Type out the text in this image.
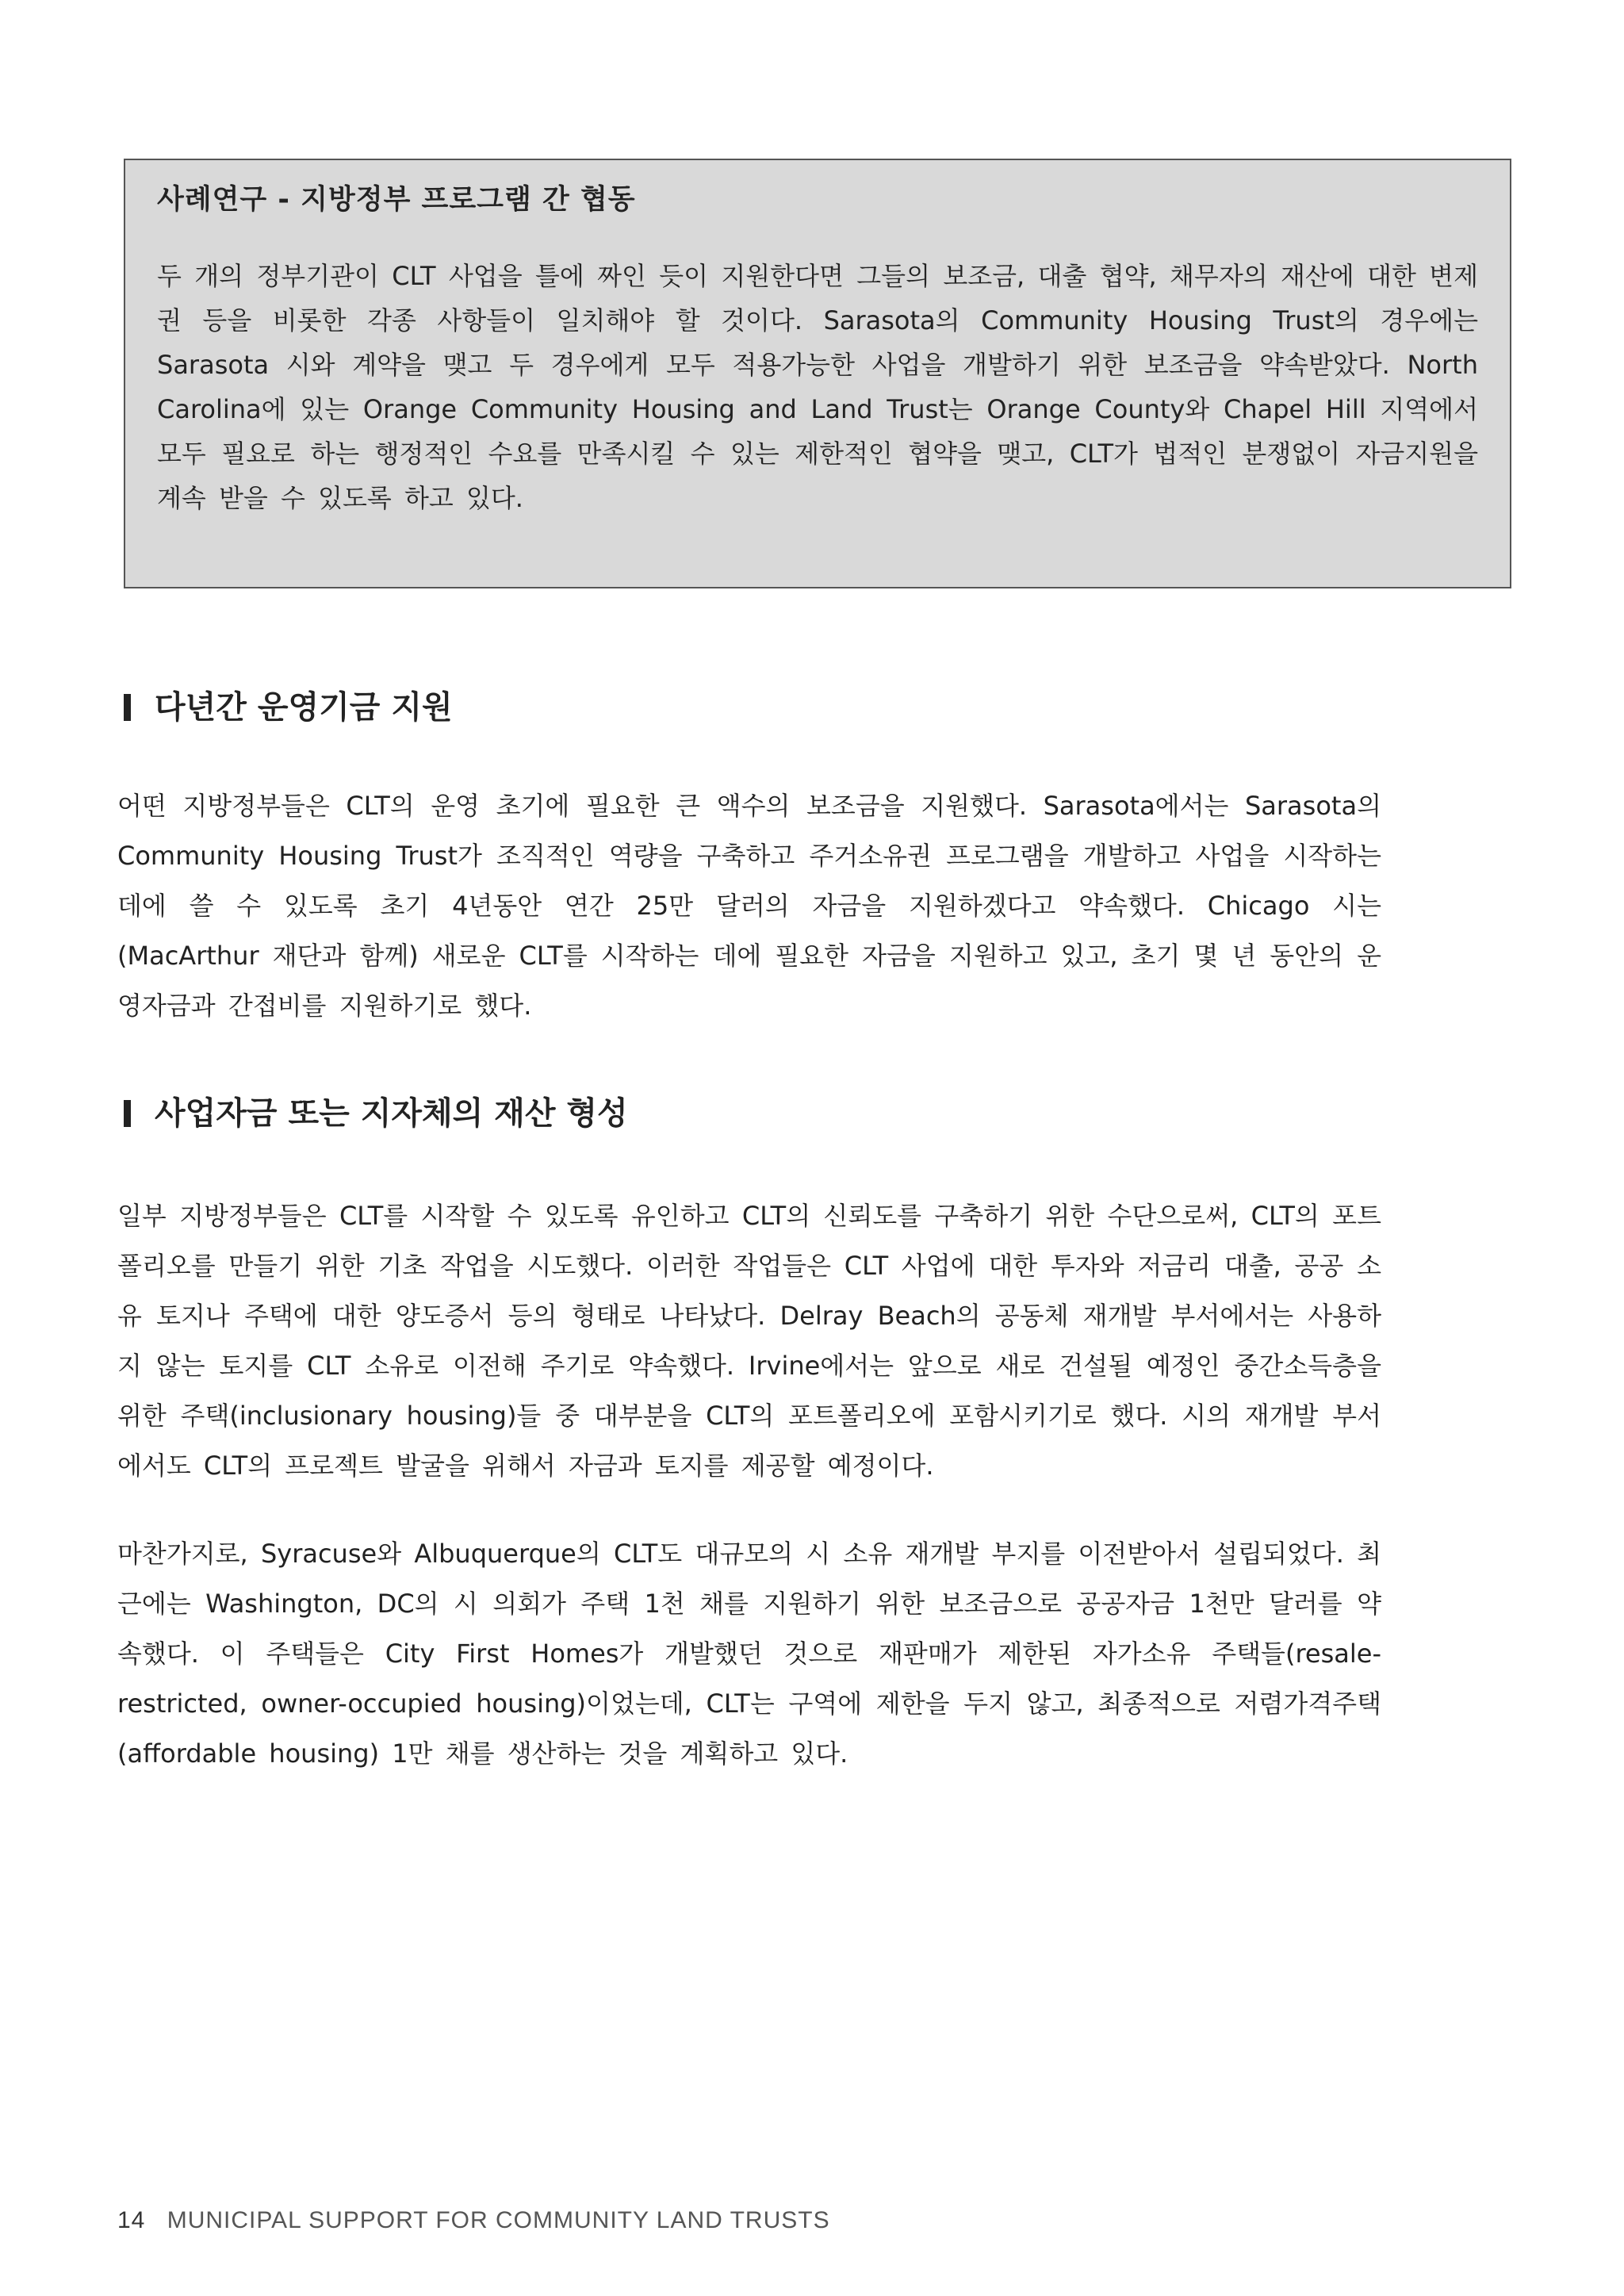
사례연구 - 지방정부 프로그램 간 협동

두 개의 정부기관이 CLT 사업을 틀에 짜인 듯이 지원한다면 그들의 보조금, 대출 협약, 채무자의 재산에 대한 변제권 등을 비롯한 각종 사항들이 일치해야 할 것이다. Sarasota의 Community Housing Trust의 경우에는 Sarasota 시와 계약을 맺고 두 경우에게 모두 적용가능한 사업을 개발하기 위한 보조금을 약속받았다. North Carolina에 있는 Orange Community Housing and Land Trust는 Orange County와 Chapel Hill 지역에서 모두 필요로 하는 행정적인 수요를 만족시킬 수 있는 제한적인 협약을 맺고, CLT가 법적인 분쟁없이 자금지원을 계속 받을 수 있도록 하고 있다.

다년간 운영기금 지원

어떤 지방정부들은 CLT의 운영 초기에 필요한 큰 액수의 보조금을 지원했다. Sarasota에서는 Sarasota의 Community Housing Trust가 조직적인 역량을 구축하고 주거소유권 프로그램을 개발하고 사업을 시작하는 데에 쓸 수 있도록 초기 4년동안 연간 25만 달러의 자금을 지원하겠다고 약속했다. Chicago 시는 (MacArthur 재단과 함께) 새로운 CLT를 시작하는 데에 필요한 자금을 지원하고 있고, 초기 몇 년 동안의 운영자금과 간접비를 지원하기로 했다.

사업자금 또는 지자체의 재산 형성

일부 지방정부들은 CLT를 시작할 수 있도록 유인하고 CLT의 신뢰도를 구축하기 위한 수단으로써, CLT의 포트폴리오를 만들기 위한 기초 작업을 시도했다. 이러한 작업들은 CLT 사업에 대한 투자와 저금리 대출, 공공 소유 토지나 주택에 대한 양도증서 등의 형태로 나타났다. Delray Beach의 공동체 재개발 부서에서는 사용하지 않는 토지를 CLT 소유로 이전해 주기로 약속했다. Irvine에서는 앞으로 새로 건설될 예정인 중간소득층을 위한 주택(inclusionary housing)들 중 대부분을 CLT의 포트폴리오에 포함시키기로 했다. 시의 재개발 부서에서도 CLT의 프로젝트 발굴을 위해서 자금과 토지를 제공할 예정이다.

마찬가지로, Syracuse와 Albuquerque의 CLT도 대규모의 시 소유 재개발 부지를 이전받아서 설립되었다. 최근에는 Washington, DC의 시 의회가 주택 1천 채를 지원하기 위한 보조금으로 공공자금 1천만 달러를 약속했다. 이 주택들은 City First Homes가 개발했던 것으로 재판매가 제한된 자가소유 주택들(resale-restricted, owner-occupied housing)이었는데, CLT는 구역에 제한을 두지 않고, 최종적으로 저렴가격주택(affordable housing) 1만 채를 생산하는 것을 계획하고 있다.

14 MUNICIPAL SUPPORT FOR COMMUNITY LAND TRUSTS
